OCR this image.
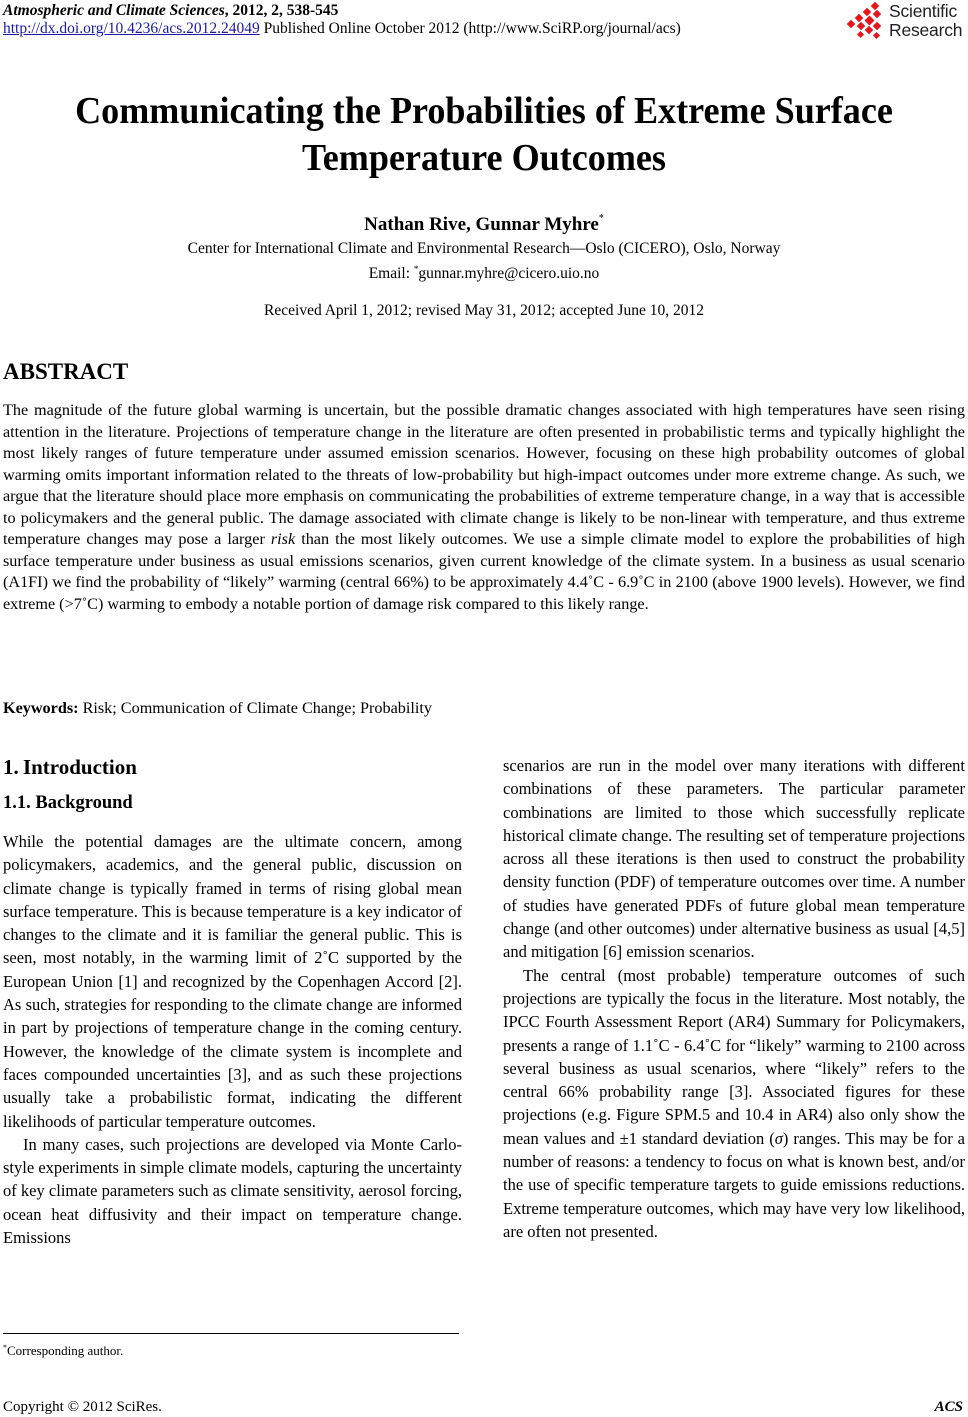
Atmospheric and Climate Sciences, 2012, 2, 538-545
http://dx.doi.org/10.4236/acs.2012.24049 Published Online October 2012 (http://www.SciRP.org/journal/acs)
Scientific
Research
Communicating the Probabilities of Extreme Surface Temperature Outcomes
Nathan Rive, Gunnar Myhre*
Center for International Climate and Environmental Research—Oslo (CICERO), Oslo, Norway
Email: *gunnar.myhre@cicero.uio.no
Received April 1, 2012; revised May 31, 2012; accepted June 10, 2012
ABSTRACT
The magnitude of the future global warming is uncertain, but the possible dramatic changes associated with high temperatures have seen rising attention in the literature. Projections of temperature change in the literature are often presented in probabilistic terms and typically highlight the most likely ranges of future temperature under assumed emission scenarios. However, focusing on these high probability outcomes of global warming omits important information related to the threats of low-probability but high-impact outcomes under more extreme change. As such, we argue that the literature should place more emphasis on communicating the probabilities of extreme temperature change, in a way that is accessible to policymakers and the general public. The damage associated with climate change is likely to be non-linear with temperature, and thus extreme temperature changes may pose a larger risk than the most likely outcomes. We use a simple climate model to explore the probabilities of high surface temperature under business as usual emissions scenarios, given current knowledge of the climate system. In a business as usual scenario (A1FI) we find the probability of “likely” warming (central 66%) to be approximately 4.4˚C - 6.9˚C in 2100 (above 1900 levels). However, we find extreme (>7˚C) warming to embody a notable portion of damage risk compared to this likely range.
Keywords: Risk; Communication of Climate Change; Probability
1. Introduction
1.1. Background

While the potential damages are the ultimate concern, among policymakers, academics, and the general public, discussion on climate change is typically framed in terms of rising global mean surface temperature. This is because temperature is a key indicator of changes to the climate and it is familiar the general public. This is seen, most notably, in the warming limit of 2˚C supported by the European Union [1] and recognized by the Copenhagen Accord [2]. As such, strategies for responding to the climate change are informed in part by projections of temperature change in the coming century. However, the knowledge of the climate system is incomplete and faces compounded uncertainties [3], and as such these projections usually take a probabilistic format, indicating the different likelihoods of particular temperature outcomes.

In many cases, such projections are developed via Monte Carlo-style experiments in simple climate models, capturing the uncertainty of key climate parameters such as climate sensitivity, aerosol forcing, ocean heat diffusivity and their impact on temperature change. Emissions

scenarios are run in the model over many iterations with different combinations of these parameters. The particular parameter combinations are limited to those which successfully replicate historical climate change. The resulting set of temperature projections across all these iterations is then used to construct the probability density function (PDF) of temperature outcomes over time. A number of studies have generated PDFs of future global mean temperature change (and other outcomes) under alternative business as usual [4,5] and mitigation [6] emission scenarios.

The central (most probable) temperature outcomes of such projections are typically the focus in the literature. Most notably, the IPCC Fourth Assessment Report (AR4) Summary for Policymakers, presents a range of 1.1˚C - 6.4˚C for “likely” warming to 2100 across several business as usual scenarios, where “likely” refers to the central 66% probability range [3]. Associated figures for these projections (e.g. Figure SPM.5 and 10.4 in AR4) also only show the mean values and ±1 standard deviation (σ) ranges. This may be for a number of reasons: a tendency to focus on what is known best, and/or the use of specific temperature targets to guide emissions reductions. Extreme temperature outcomes, which may have very low likelihood, are often not presented.

*Corresponding author.
Copyright © 2012 SciRes.	ACS
